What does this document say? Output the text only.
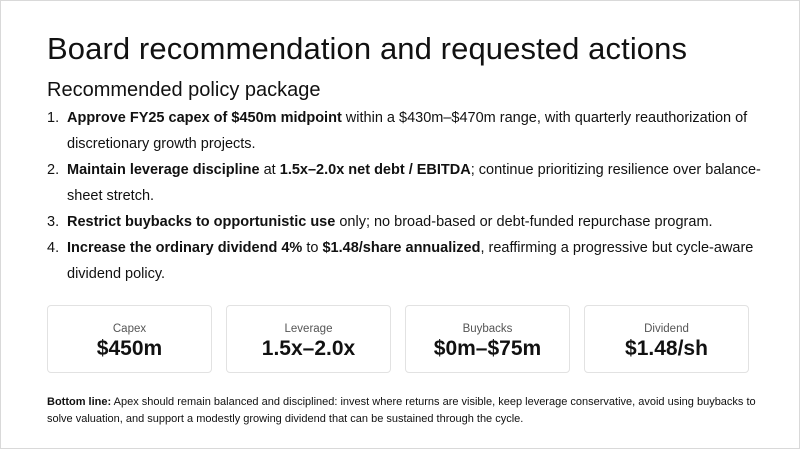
Board recommendation and requested actions
Recommended policy package
1. Approve FY25 capex of $450m midpoint within a $430m–$470m range, with quarterly reauthorization of discretionary growth projects.
2. Maintain leverage discipline at 1.5x–2.0x net debt / EBITDA; continue prioritizing resilience over balance-sheet stretch.
3. Restrict buybacks to opportunistic use only; no broad-based or debt-funded repurchase program.
4. Increase the ordinary dividend 4% to $1.48/share annualized, reaffirming a progressive but cycle-aware dividend policy.
Capex
$450m
Leverage
1.5x–2.0x
Buybacks
$0m–$75m
Dividend
$1.48/sh
Bottom line: Apex should remain balanced and disciplined: invest where returns are visible, keep leverage conservative, avoid using buybacks to solve valuation, and support a modestly growing dividend that can be sustained through the cycle.
